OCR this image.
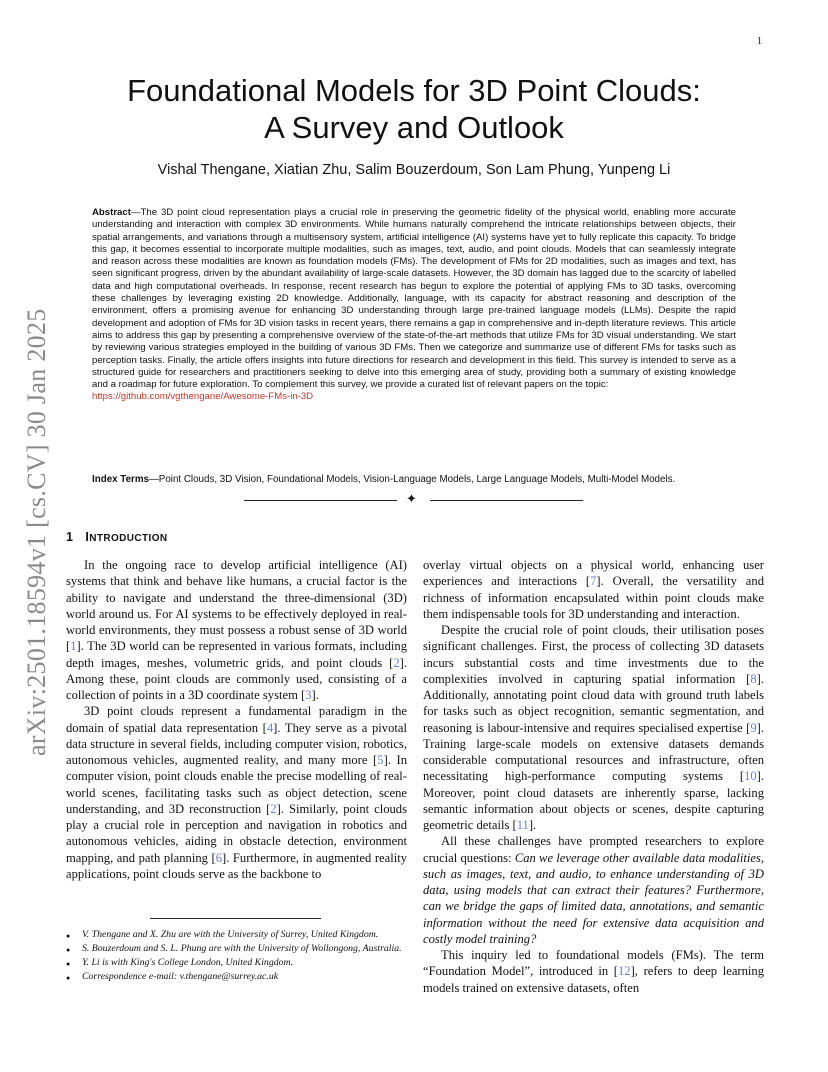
1
arXiv:2501.18594v1 [cs.CV] 30 Jan 2025
Foundational Models for 3D Point Clouds:
A Survey and Outlook
Vishal Thengane, Xiatian Zhu, Salim Bouzerdoum, Son Lam Phung, Yunpeng Li
Abstract—The 3D point cloud representation plays a crucial role in preserving the geometric fidelity of the physical world, enabling more accurate understanding and interaction with complex 3D environments. While humans naturally comprehend the intricate relationships between objects, their spatial arrangements, and variations through a multisensory system, artificial intelligence (AI) systems have yet to fully replicate this capacity. To bridge this gap, it becomes essential to incorporate multiple modalities, such as images, text, audio, and point clouds. Models that can seamlessly integrate and reason across these modalities are known as foundation models (FMs). The development of FMs for 2D modalities, such as images and text, has seen significant progress, driven by the abundant availability of large-scale datasets. However, the 3D domain has lagged due to the scarcity of labelled data and high computational overheads. In response, recent research has begun to explore the potential of applying FMs to 3D tasks, overcoming these challenges by leveraging existing 2D knowledge. Additionally, language, with its capacity for abstract reasoning and description of the environment, offers a promising avenue for enhancing 3D understanding through large pre-trained language models (LLMs). Despite the rapid development and adoption of FMs for 3D vision tasks in recent years, there remains a gap in comprehensive and in-depth literature reviews. This article aims to address this gap by presenting a comprehensive overview of the state-of-the-art methods that utilize FMs for 3D visual understanding. We start by reviewing various strategies employed in the building of various 3D FMs. Then we categorize and summarize use of different FMs for tasks such as perception tasks. Finally, the article offers insights into future directions for research and development in this field. This survey is intended to serve as a structured guide for researchers and practitioners seeking to delve into this emerging area of study, providing both a summary of existing knowledge and a roadmap for future exploration. To complement this survey, we provide a curated list of relevant papers on the topic:
https://github.com/vgthengane/Awesome-FMs-in-3D
Index Terms—Point Clouds, 3D Vision, Foundational Models, Vision-Language Models, Large Language Models, Multi-Model Models.
✦
1 INTRODUCTION

In the ongoing race to develop artificial intelligence (AI) systems that think and behave like humans, a crucial factor is the ability to navigate and understand the three-dimensional (3D) world around us. For AI systems to be effectively deployed in real-world environments, they must possess a robust sense of 3D world [1]. The 3D world can be represented in various formats, including depth images, meshes, volumetric grids, and point clouds [2]. Among these, point clouds are commonly used, consisting of a collection of points in a 3D coordinate system [3].

3D point clouds represent a fundamental paradigm in the domain of spatial data representation [4]. They serve as a pivotal data structure in several fields, including computer vision, robotics, autonomous vehicles, augmented reality, and many more [5]. In computer vision, point clouds enable the precise modelling of real-world scenes, facilitating tasks such as object detection, scene understanding, and 3D reconstruction [2]. Similarly, point clouds play a crucial role in perception and navigation in robotics and autonomous vehicles, aiding in obstacle detection, environment mapping, and path planning [6]. Furthermore, in augmented reality applications, point clouds serve as the backbone to

● V. Thengane and X. Zhu are with the University of Surrey, United Kingdom.
● S. Bouzerdoum and S. L. Phung are with the University of Wollongong, Australia.
● Y. Li is with King's College London, United Kingdom.
● Correspondence e-mail: v.thengane@surrey.ac.uk

overlay virtual objects on a physical world, enhancing user experiences and interactions [7]. Overall, the versatility and richness of information encapsulated within point clouds make them indispensable tools for 3D understanding and interaction.

Despite the crucial role of point clouds, their utilisation poses significant challenges. First, the process of collecting 3D datasets incurs substantial costs and time investments due to the complexities involved in capturing spatial information [8]. Additionally, annotating point cloud data with ground truth labels for tasks such as object recognition, semantic segmentation, and reasoning is labour-intensive and requires specialised expertise [9]. Training large-scale models on extensive datasets demands considerable computational resources and infrastructure, often necessitating high-performance computing systems [10]. Moreover, point cloud datasets are inherently sparse, lacking semantic information about objects or scenes, despite capturing geometric details [11].

All these challenges have prompted researchers to explore crucial questions: Can we leverage other available data modalities, such as images, text, and audio, to enhance understanding of 3D data, using models that can extract their features? Furthermore, can we bridge the gaps of limited data, annotations, and semantic information without the need for extensive data acquisition and costly model training?

This inquiry led to foundational models (FMs). The term “Foundation Model”, introduced in [12], refers to deep learning models trained on extensive datasets, often
